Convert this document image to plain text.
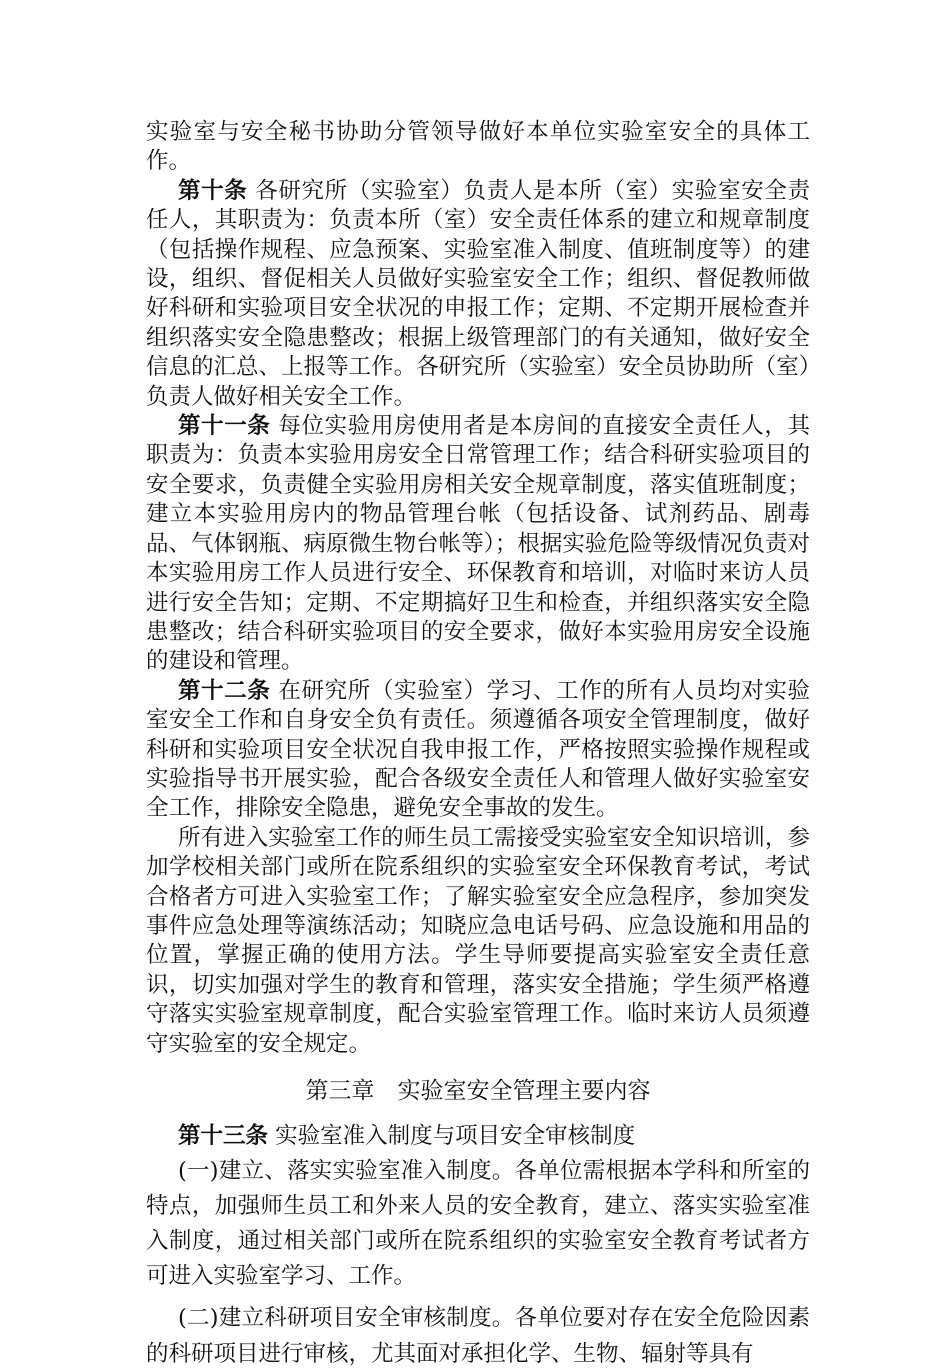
实验室与安全秘书协助分管领导做好本单位实验室安全的具体工作。

第十条 各研究所（实验室）负责人是本所（室）实验室安全责任人，其职责为：负责本所（室）安全责任体系的建立和规章制度（包括操作规程、应急预案、实验室准入制度、值班制度等）的建设，组织、督促相关人员做好实验室安全工作；组织、督促教师做好科研和实验项目安全状况的申报工作；定期、不定期开展检查并组织落实安全隐患整改；根据上级管理部门的有关通知，做好安全信息的汇总、上报等工作。各研究所（实验室）安全员协助所（室）负责人做好相关安全工作。

第十一条 每位实验用房使用者是本房间的直接安全责任人，其职责为：负责本实验用房安全日常管理工作；结合科研实验项目的安全要求，负责健全实验用房相关安全规章制度，落实值班制度；建立本实验用房内的物品管理台帐（包括设备、试剂药品、剧毒品、气体钢瓶、病原微生物台帐等）；根据实验危险等级情况负责对本实验用房工作人员进行安全、环保教育和培训，对临时来访人员进行安全告知；定期、不定期搞好卫生和检查，并组织落实安全隐患整改；结合科研实验项目的安全要求，做好本实验用房安全设施的建设和管理。

第十二条 在研究所（实验室）学习、工作的所有人员均对实验室安全工作和自身安全负有责任。须遵循各项安全管理制度，做好科研和实验项目安全状况自我申报工作，严格按照实验操作规程或实验指导书开展实验，配合各级安全责任人和管理人做好实验室安全工作，排除安全隐患，避免安全事故的发生。

所有进入实验室工作的师生员工需接受实验室安全知识培训，参加学校相关部门或所在院系组织的实验室安全环保教育考试，考试合格者方可进入实验室工作；了解实验室安全应急程序，参加突发事件应急处理等演练活动；知晓应急电话号码、应急设施和用品的位置，掌握正确的使用方法。学生导师要提高实验室安全责任意识，切实加强对学生的教育和管理，落实安全措施；学生须严格遵守落实实验室规章制度，配合实验室管理工作。临时来访人员须遵守实验室的安全规定。

第三章　实验室安全管理主要内容

第十三条 实验室准入制度与项目安全审核制度

(一)建立、落实实验室准入制度。各单位需根据本学科和所室的特点，加强师生员工和外来人员的安全教育，建立、落实实验室准入制度，通过相关部门或所在院系组织的实验室安全教育考试者方可进入实验室学习、工作。

(二)建立科研项目安全审核制度。各单位要对存在安全危险因素的科研项目进行审核，尤其面对承担化学、生物、辐射等具有
